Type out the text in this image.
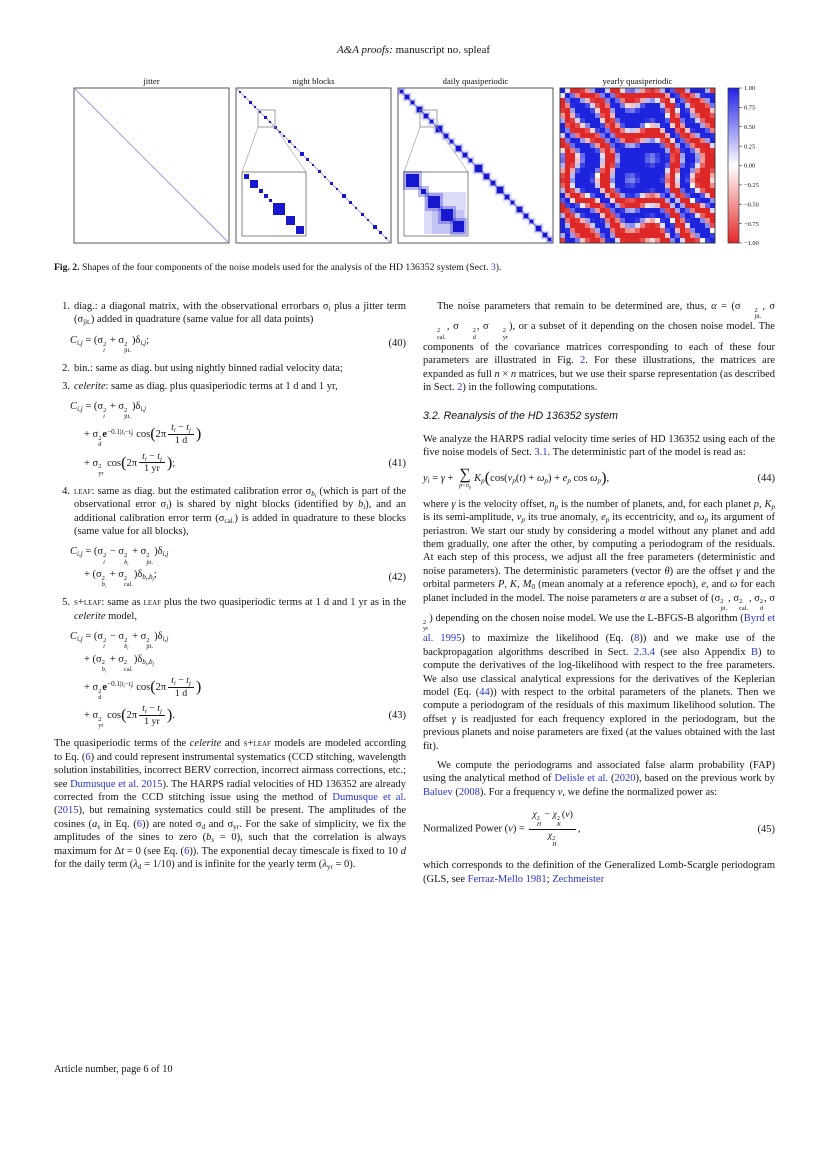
A&A proofs: manuscript no. spleaf
jitter	night blocks	daily quasiperiodic	yearly quasiperiodic
1.00
0.75
0.50
0.25
0.00
−0.25
−0.50
−0.75
−1.00
Fig. 2. Shapes of the four components of the noise models used for the analysis of the HD 136352 system (Sect. 3).
1. diag.: a diagonal matrix, with the observational errorbars $\sigma_i$ plus a jitter term $(\sigma_{jit.})$ added in quadrature (same value for all data points)
$C_{i,j} = (\sigma$ 2
i
+ σ 2
jit.
)$\delta_{i,j}$;	(40)
2. bin.: same as diag. but using nightly binned radial velocity data;
3. celerite: same as diag. plus quasiperiodic terms at 1 d and 1 yr,
$C_{i,j} = (\sigma$ 2
i
+ σ 2
jit.
)$\delta_{i,j}$
+ σ 2
d
$e^{-0.1|t_i-t_j|}$ $\cos(2\pi \frac{t_i - t_j}{1 d}$ )
+ σ 2
yr
$\cos(2\pi \frac{t_i - t_j}{1 yr}$ );	(41)
4. leaf: same as diag. but the estimated calibration error $\sigma_{b_i}$ (which is part of the observational error $\sigma_i$) is shared by night blocks (identified by $b_i$), and an additional calibration error term $(\sigma_{cal.})$ is added in quadrature to these blocks (same value for all blocks),
$C_{i,j} = (\sigma$ 2
i
− σ 2
$b_i$
+ σ 2
jit.
)$\delta_{i,j}$
+ (σ 2
$b_i$
+ σ 2
cal.
)$\delta_{b_i,b_j}$;	(42)
5. s+leaf: same as leaf plus the two quasiperiodic terms at 1 d and 1 yr as in the celerite model,
$C_{i,j} = (\sigma$ 2
i
− σ 2
$b_i$
+ σ 2
jit.
)$\delta_{i,j}$
+ (σ 2
$b_i$
+ σ 2
cal.
)$\delta_{b_i,b_j}$
+ σ 2
d
$e^{-0.1|t_i-t_j|}$ $\cos(2\pi \frac{t_i - t_j}{1 d}$ )
+ σ 2
yr
$\cos(2\pi \frac{t_i - t_j}{1 yr}$ ).	(43)
The quasiperiodic terms of the celerite and s+leaf models are modeled according to Eq. (6) and could represent instrumental systematics (CCD stitching, wavelength solution instabilities, incorrect BERV correction, incorrect airmass corrections, etc.; see Dumusque et al. 2015). The HARPS radial velocities of HD 136352 are already corrected from the CCD stitching issue using the method of Dumusque et al. (2015), but remaining systematics could still be present. The amplitudes of the cosines ($a_s$ in Eq. (6)) are noted $\sigma_d$ and $\sigma_{yr}$. For the sake of simplicity, we fix the amplitudes of the sines to zero $(b_s = 0)$, such that the correlation is always maximum for Δt = 0 (see Eq. (6)). The exponential decay timescale is fixed to 10 d for the daily term $(\lambda_d = 1/10)$ and is infinite for the yearly term $(\lambda_{yr} = 0)$.
The noise parameters that remain to be determined are, thus, α = (σ	2
jit.
, σ
2
cal.
, σ	2
d
, σ	2
yr
), or a subset of it depending on the chosen noise model. The components of the covariance matrices corresponding to each of these four parameters are illustrated in Fig. 2. For these illustrations, the matrices are expanded as full n × n matrices, but we use their sparse representation (as described in Sect. 2) in the following computations.
3.2. Reanalysis of the HD 136352 system
We analyze the HARPS radial velocity time series of HD 136352 using each of the five noise models of Sect. 3.1. The deterministic part of the model is read as:
$y_i = \gamma$ + ∑
$p<n_p$
$K_p(\cos(v_p(t) + \omega_p) + e_p$ $\cos \omega_p$),	(44)
where γ is the velocity offset, $n_p$ is the number of planets, and, for each planet p, $K_p$ is its semi-amplitude, $v_p$ its true anomaly, $e_p$ its eccentricity, and $\omega_p$ its argument of periastron. We start our study by considering a model without any planet and add them gradually, one after the other, by computing a periodogram of the residuals. At each step of this process, we adjust all the free parameters (deterministic and noise parameters). The deterministic parameters (vector θ) are the offset γ and the orbital parmeters P, K, $M_0$ (mean anomaly at a reference epoch), e, and ω for each planet included in the model. The noise parameters α are a subset of (σ 2
jit.
, σ 2
cal.
, σ 2
d
, σ
2
yr
) depending on the chosen noise model. We use the L-BFGS-B algorithm (Byrd et al. 1995) to maximize the likelihood (Eq. (8)) and we make use of the backpropagation algorithms described in Sect. 2.3.4 (see also Appendix B) to compute the derivatives of the log-likelihood with respect to the free parameters. We also use classical analytical expressions for the derivatives of the Keplerian model (Eq. (44)) with respect to the orbital parameters of the planets. Then we compute a periodogram of the residuals of this maximum likelihood solution. The offset γ is readjusted for each frequency explored in the periodogram, but the previous planets and noise parameters are fixed (at the values obtained with the last fit).
We compute the periodograms and associated false alarm probability (FAP) using the analytical method of Delisle et al. (2020), based on the previous work by Baluev (2008). For a frequency ν, we define the normalized power as:
Normalized Power (ν) = χ 2
H
− χ 2
K
(ν)
χ 2
H ,	(45)
which corresponds to the definition of the Generalized Lomb-Scargle periodogram (GLS, see Ferraz-Mello 1981; Zechmeister
Article number, page 6 of 10
